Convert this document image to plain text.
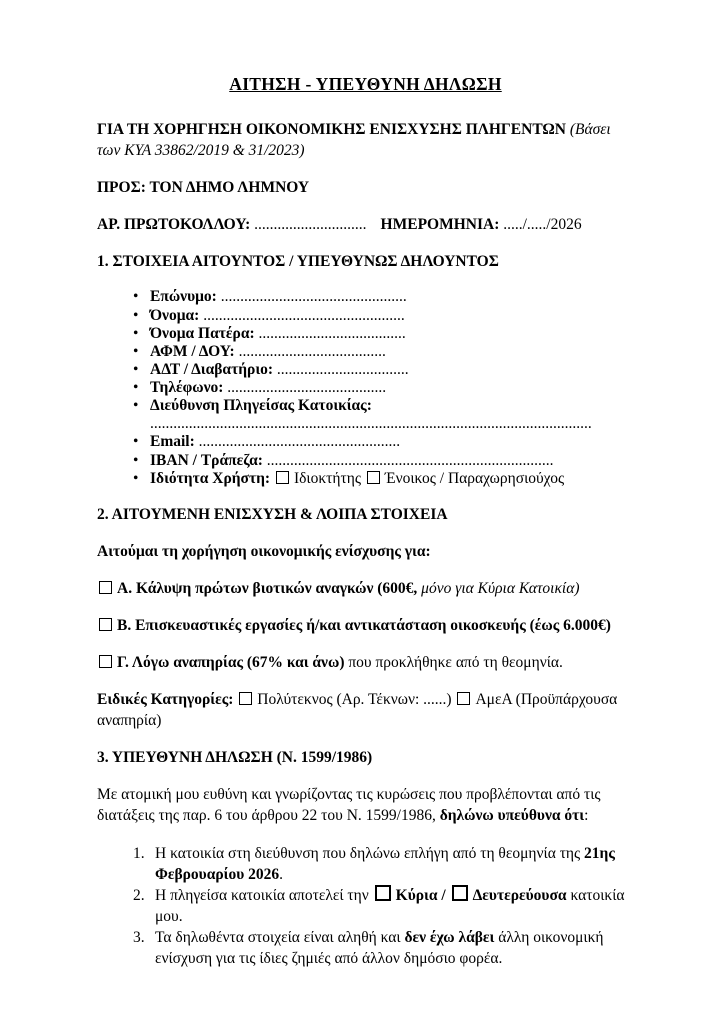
ΑΙΤΗΣΗ - ΥΠΕΥΘΥΝΗ ΔΗΛΩΣΗ

ΓΙΑ ΤΗ ΧΟΡΗΓΗΣΗ ΟΙΚΟΝΟΜΙΚΗΣ ΕΝΙΣΧΥΣΗΣ ΠΛΗΓΕΝΤΩΝ (Βάσει των ΚΥΑ 33862/2019 & 31/2023)

ΠΡΟΣ: ΤΟΝ ΔΗΜΟ ΛΗΜΝΟΥ

ΑΡ. ΠΡΩΤΟΚΟΛΛΟΥ: ............................. ΗΜΕΡΟΜΗΝΙΑ: ...../...../2026

1. ΣΤΟΙΧΕΙΑ ΑΙΤΟΥΝΤΟΣ / ΥΠΕΥΘΥΝΩΣ ΔΗΛΟΥΝΤΟΣ

• Επώνυμο: ................................................
• Όνομα: ....................................................
• Όνομα Πατέρα: ......................................
• ΑΦΜ / ΔΟΥ: ......................................
• ΑΔΤ / Διαβατήριο: ..................................
• Τηλέφωνο: .........................................
• Διεύθυνση Πληγείσας Κατοικίας:
..................................................................................................................
• Email: ....................................................
• IBAN / Τράπεζα: ..........................................................................
• Ιδιότητα Χρήστη: Ιδιοκτήτης Ένοικος / Παραχωρησιούχος

2. ΑΙΤΟΥΜΕΝΗ ΕΝΙΣΧΥΣΗ & ΛΟΙΠΑ ΣΤΟΙΧΕΙΑ

Αιτούμαι τη χορήγηση οικονομικής ενίσχυσης για:

Α. Κάλυψη πρώτων βιοτικών αναγκών (600€, μόνο για Κύρια Κατοικία)

Β. Επισκευαστικές εργασίες ή/και αντικατάσταση οικοσκευής (έως 6.000€)

Γ. Λόγω αναπηρίας (67% και άνω) που προκλήθηκε από τη θεομηνία.

Ειδικές Κατηγορίες: Πολύτεκνος (Αρ. Τέκνων: ......) ΑμεΑ (Προϋπάρχουσα αναπηρία)

3. ΥΠΕΥΘΥΝΗ ΔΗΛΩΣΗ (Ν. 1599/1986)

Με ατομική μου ευθύνη και γνωρίζοντας τις κυρώσεις που προβλέπονται από τις διατάξεις της παρ. 6 του άρθρου 22 του Ν. 1599/1986, δηλώνω υπεύθυνα ότι:

Η κατοικία στη διεύθυνση που δηλώνω επλήγη από τη θεομηνία της 21ης Φεβρουαρίου 2026.
Η πληγείσα κατοικία αποτελεί την Κύρια / Δευτερεύουσα κατοικία μου.
Τα δηλωθέντα στοιχεία είναι αληθή και δεν έχω λάβει άλλη οικονομική ενίσχυση για τις ίδιες ζημιές από άλλον δημόσιο φορέα.
